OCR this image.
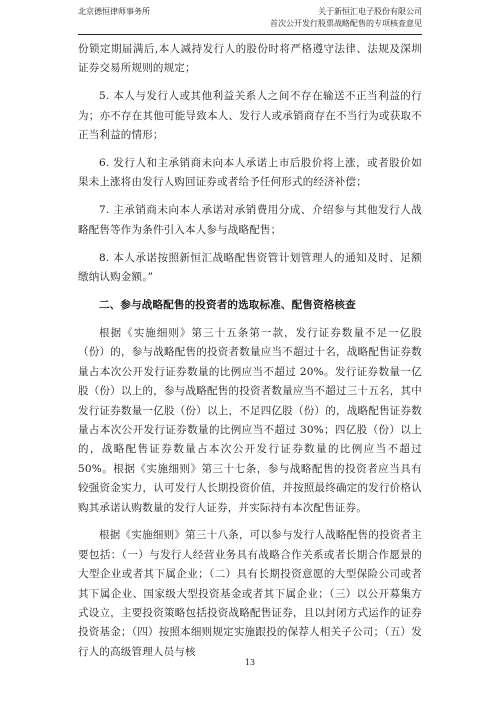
北京德恒律师事务所	关于新恒汇电子股份有限公司
首次公开发行股票战略配售的专项核查意见

份锁定期届满后,本人减持发行人的股份时将严格遵守法律、法规及深圳证券交易所规则的规定；

5. 本人与发行人或其他利益关系人之间不存在输送不正当利益的行为；亦不存在其他可能导致本人、发行人或承销商存在不当行为或获取不正当利益的情形；

6. 发行人和主承销商未向本人承诺上市后股价将上涨，或者股价如果未上涨将由发行人购回证券或者给予任何形式的经济补偿；

7. 主承销商未向本人承诺对承销费用分成、介绍参与其他发行人战略配售等作为条件引入本人参与战略配售；

8. 本人承诺按照新恒汇战略配售资管计划管理人的通知及时、足额缴纳认购金额。”

二、参与战略配售的投资者的选取标准、配售资格核查

根据《实施细则》第三十五条第一款，发行证券数量不足一亿股（份）的，参与战略配售的投资者数量应当不超过十名，战略配售证券数量占本次公开发行证券数量的比例应当不超过 20%。发行证券数量一亿股（份）以上的，参与战略配售的投资者数量应当不超过三十五名，其中发行证券数量一亿股（份）以上，不足四亿股（份）的，战略配售证券数量占本次公开发行证券数量的比例应当不超过 30%；四亿股（份）以上的，战略配售证券数量占本次公开发行证券数量的比例应当不超过 50%。根据《实施细则》第三十七条，参与战略配售的投资者应当具有较强资金实力，认可发行人长期投资价值，并按照最终确定的发行价格认购其承诺认购数量的发行人证券，并实际持有本次配售证券。

根据《实施细则》第三十八条，可以参与发行人战略配售的投资者主要包括：（一）与发行人经营业务具有战略合作关系或者长期合作愿景的大型企业或者其下属企业；（二）具有长期投资意愿的大型保险公司或者其下属企业、国家级大型投资基金或者其下属企业；（三）以公开募集方式设立，主要投资策略包括投资战略配售证券，且以封闭方式运作的证券投资基金；（四）按照本细则规定实施跟投的保荐人相关子公司；（五）发行人的高级管理人员与核

13
